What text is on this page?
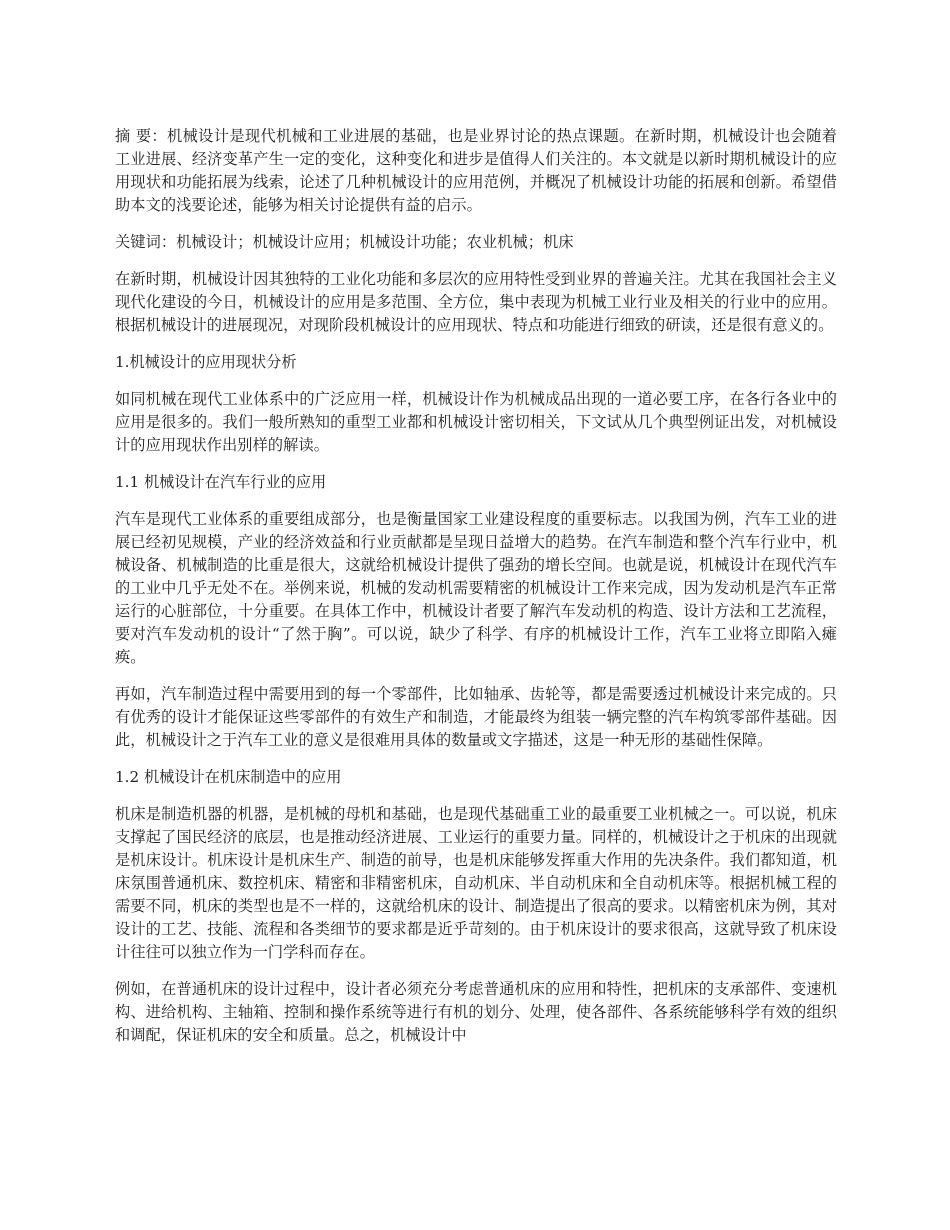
摘 要：机械设计是现代机械和工业进展的基础，也是业界讨论的热点课题。在新时期，机械设计也会随着工业进展、经济变革产生一定的变化，这种变化和进步是值得人们关注的。本文就是以新时期机械设计的应用现状和功能拓展为线索，论述了几种机械设计的应用范例，并概况了机械设计功能的拓展和创新。希望借助本文的浅要论述，能够为相关讨论提供有益的启示。

关键词：机械设计；机械设计应用；机械设计功能；农业机械；机床

在新时期，机械设计因其独特的工业化功能和多层次的应用特性受到业界的普遍关注。尤其在我国社会主义现代化建设的今日，机械设计的应用是多范围、全方位，集中表现为机械工业行业及相关的行业中的应用。根据机械设计的进展现况，对现阶段机械设计的应用现状、特点和功能进行细致的研读，还是很有意义的。

1.机械设计的应用现状分析

如同机械在现代工业体系中的广泛应用一样，机械设计作为机械成品出现的一道必要工序，在各行各业中的应用是很多的。我们一般所熟知的重型工业都和机械设计密切相关，下文试从几个典型例证出发，对机械设计的应用现状作出别样的解读。

1.1 机械设计在汽车行业的应用

汽车是现代工业体系的重要组成部分，也是衡量国家工业建设程度的重要标志。以我国为例，汽车工业的进展已经初见规模，产业的经济效益和行业贡献都是呈现日益增大的趋势。在汽车制造和整个汽车行业中，机械设备、机械制造的比重是很大，这就给机械设计提供了强劲的增长空间。也就是说，机械设计在现代汽车的工业中几乎无处不在。举例来说，机械的发动机需要精密的机械设计工作来完成，因为发动机是汽车正常运行的心脏部位，十分重要。在具体工作中，机械设计者要了解汽车发动机的构造、设计方法和工艺流程，要对汽车发动机的设计“了然于胸”。可以说，缺少了科学、有序的机械设计工作，汽车工业将立即陷入瘫痪。

再如，汽车制造过程中需要用到的每一个零部件，比如轴承、齿轮等，都是需要透过机械设计来完成的。只有优秀的设计才能保证这些零部件的有效生产和制造，才能最终为组装一辆完整的汽车构筑零部件基础。因此，机械设计之于汽车工业的意义是很难用具体的数量或文字描述，这是一种无形的基础性保障。

1.2 机械设计在机床制造中的应用

机床是制造机器的机器，是机械的母机和基础，也是现代基础重工业的最重要工业机械之一。可以说，机床支撑起了国民经济的底层，也是推动经济进展、工业运行的重要力量。同样的，机械设计之于机床的出现就是机床设计。机床设计是机床生产、制造的前导，也是机床能够发挥重大作用的先决条件。我们都知道，机床氛围普通机床、数控机床、精密和非精密机床，自动机床、半自动机床和全自动机床等。根据机械工程的需要不同，机床的类型也是不一样的，这就给机床的设计、制造提出了很高的要求。以精密机床为例，其对设计的工艺、技能、流程和各类细节的要求都是近乎苛刻的。由于机床设计的要求很高，这就导致了机床设计往往可以独立作为一门学科而存在。

例如，在普通机床的设计过程中，设计者必须充分考虑普通机床的应用和特性，把机床的支承部件、变速机构、进给机构、主轴箱、控制和操作系统等进行有机的划分、处理，使各部件、各系统能够科学有效的组织和调配，保证机床的安全和质量。总之，机械设计中
